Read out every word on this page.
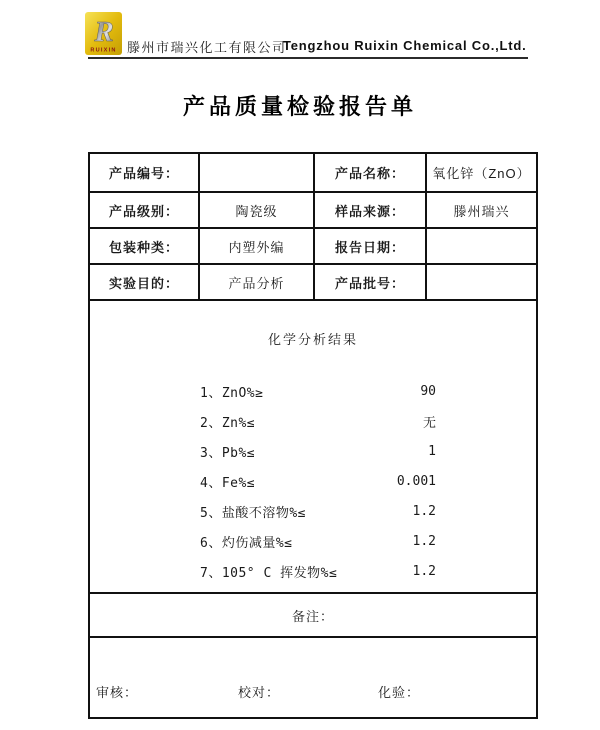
R
RUIXIN 滕州市瑞兴化工有限公司
Tengzhou Ruixin Chemical Co.,Ltd.
产品质量检验报告单
产品编号：		产品名称：	氧化锌（ZnO）
产品级别：	陶瓷级	样品来源：	滕州瑞兴
包装种类：	内塑外编	报告日期：	
实验目的：	产品分析	产品批号：	

化学分析结果
1、ZnO%≥	90
2、Zn%≤	无
3、Pb%≤	1
4、Fe%≤	0.001
5、盐酸不溶物%≤	1.2
6、灼伤减量%≤	1.2
7、105° C 挥发物%≤	1.2

备注：			

审核： 校对： 化验：			
